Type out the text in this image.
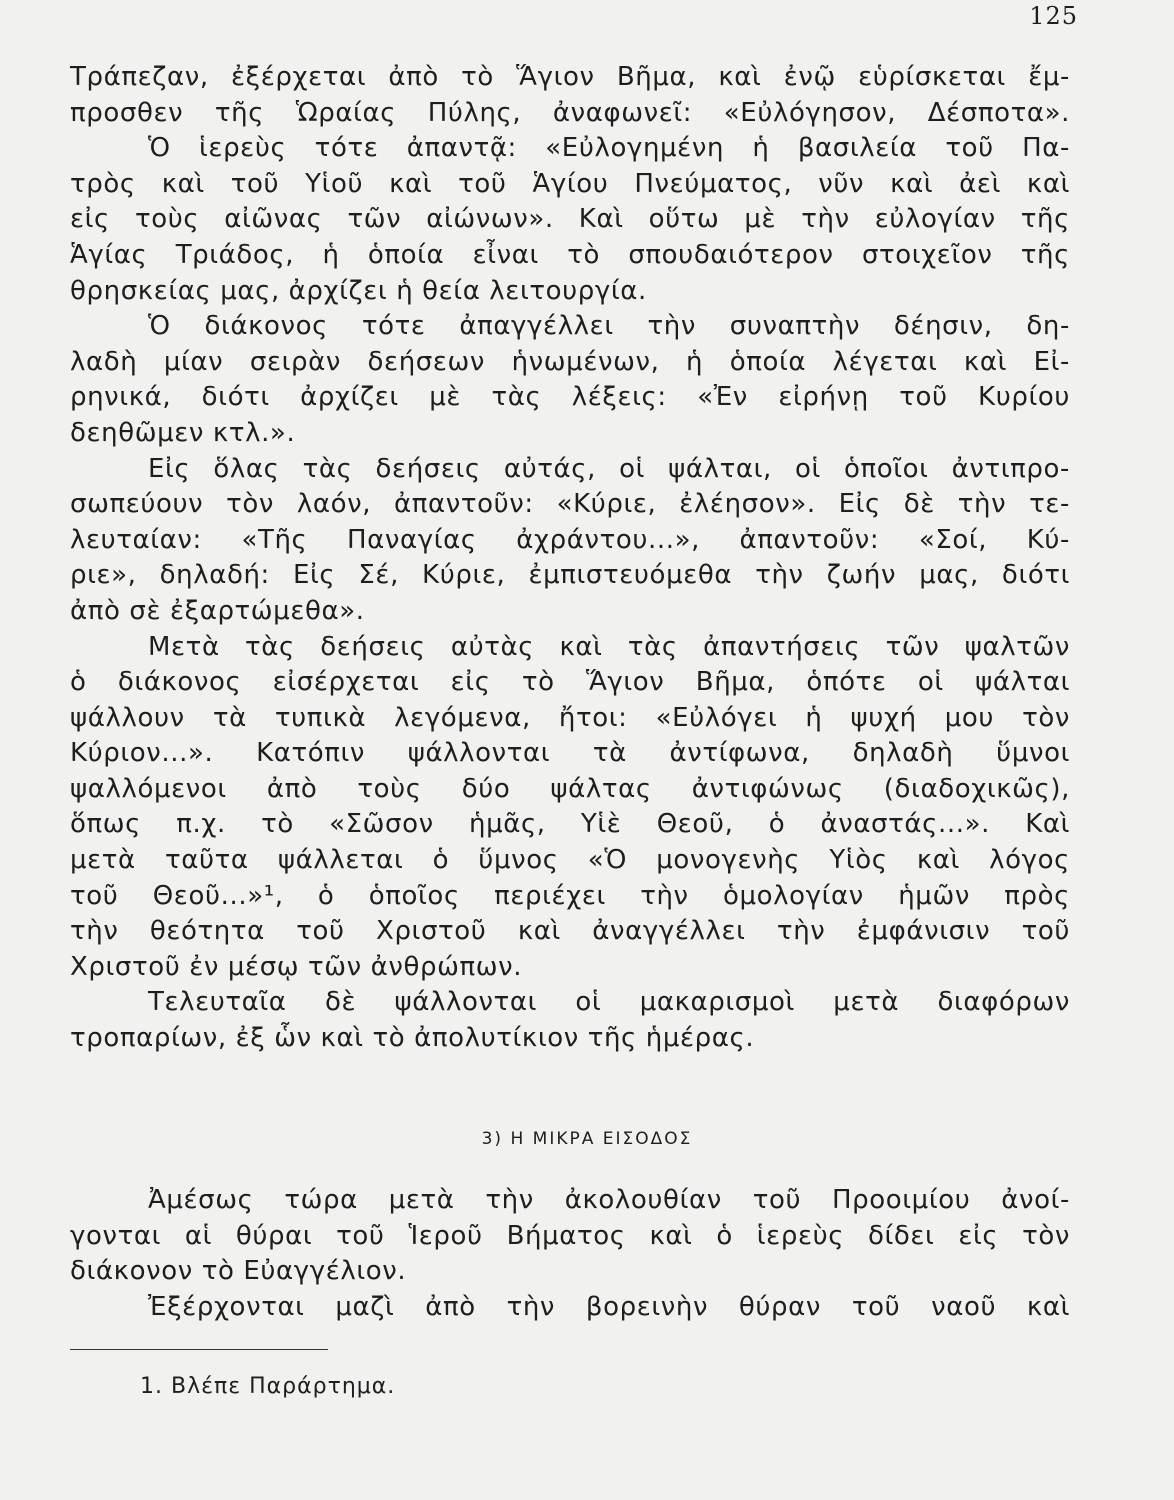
125
Τράπεζαν, ἐξέρχεται ἀπὸ τὸ Ἅγιον Βῆμα, καὶ ἐνῷ εὑρίσκεται ἔμ-
προσθεν τῆς Ὡραίας Πύλης, ἀναφωνεῖ: «Εὐλόγησον, Δέσποτα».
Ὁ ἱερεὺς τότε ἀπαντᾷ: «Εὐλογημένη ἡ βασιλεία τοῦ Πα-
τρὸς καὶ τοῦ Υἱοῦ καὶ τοῦ Ἁγίου Πνεύματος, νῦν καὶ ἀεὶ καὶ
εἰς τοὺς αἰῶνας τῶν αἰώνων». Καὶ οὕτω μὲ τὴν εὐλογίαν τῆς
Ἁγίας Τριάδος, ἡ ὁποία εἶναι τὸ σπουδαιότερον στοιχεῖον τῆς
θρησκείας μας, ἀρχίζει ἡ θεία λειτουργία.
Ὁ διάκονος τότε ἀπαγγέλλει τὴν συναπτὴν δέησιν, δη-
λαδὴ μίαν σειρὰν δεήσεων ἡνωμένων, ἡ ὁποία λέγεται καὶ Εἰ-
ρηνικά, διότι ἀρχίζει μὲ τὰς λέξεις: «Ἐν εἰρήνῃ τοῦ Κυρίου
δεηθῶμεν κτλ.».
Εἰς ὅλας τὰς δεήσεις αὐτάς, οἱ ψάλται, οἱ ὁποῖοι ἀντιπρο-
σωπεύουν τὸν λαόν, ἀπαντοῦν: «Κύριε, ἐλέησον». Εἰς δὲ τὴν τε-
λευταίαν: «Τῆς Παναγίας ἀχράντου...», ἀπαντοῦν: «Σοί, Κύ-
ριε», δηλαδή: Εἰς Σέ, Κύριε, ἐμπιστευόμεθα τὴν ζωήν μας, διότι
ἀπὸ σὲ ἐξαρτώμεθα».
Μετὰ τὰς δεήσεις αὐτὰς καὶ τὰς ἀπαντήσεις τῶν ψαλτῶν
ὁ διάκονος εἰσέρχεται εἰς τὸ Ἅγιον Βῆμα, ὁπότε οἱ ψάλται
ψάλλουν τὰ τυπικὰ λεγόμενα, ἤτοι: «Εὐλόγει ἡ ψυχή μου τὸν
Κύριον...». Κατόπιν ψάλλονται τὰ ἀντίφωνα, δηλαδὴ ὕμνοι
ψαλλόμενοι ἀπὸ τοὺς δύο ψάλτας ἀντιφώνως (διαδοχικῶς),
ὅπως π.χ. τὸ «Σῶσον ἡμᾶς, Υἱὲ Θεοῦ, ὁ ἀναστάς...». Καὶ
μετὰ ταῦτα ψάλλεται ὁ ὕμνος «Ὁ μονογενὴς Υἱὸς καὶ λόγος
τοῦ Θεοῦ...»¹, ὁ ὁποῖος περιέχει τὴν ὁμολογίαν ἡμῶν πρὸς
τὴν θεότητα τοῦ Χριστοῦ καὶ ἀναγγέλλει τὴν ἐμφάνισιν τοῦ
Χριστοῦ ἐν μέσῳ τῶν ἀνθρώπων.
Τελευταῖα δὲ ψάλλονται οἱ μακαρισμοὶ μετὰ διαφόρων
τροπαρίων, ἐξ ὧν καὶ τὸ ἀπολυτίκιον τῆς ἡμέρας.
3) Η ΜΙΚΡΑ ΕΙΣΟΔΟΣ
Ἀμέσως τώρα μετὰ τὴν ἀκολουθίαν τοῦ Προοιμίου ἀνοί-
γονται αἱ θύραι τοῦ Ἱεροῦ Βήματος καὶ ὁ ἱερεὺς δίδει εἰς τὸν
διάκονον τὸ Εὐαγγέλιον.
Ἐξέρχονται μαζὶ ἀπὸ τὴν βορεινὴν θύραν τοῦ ναοῦ καὶ
1. Βλέπε Παράρτημα.
